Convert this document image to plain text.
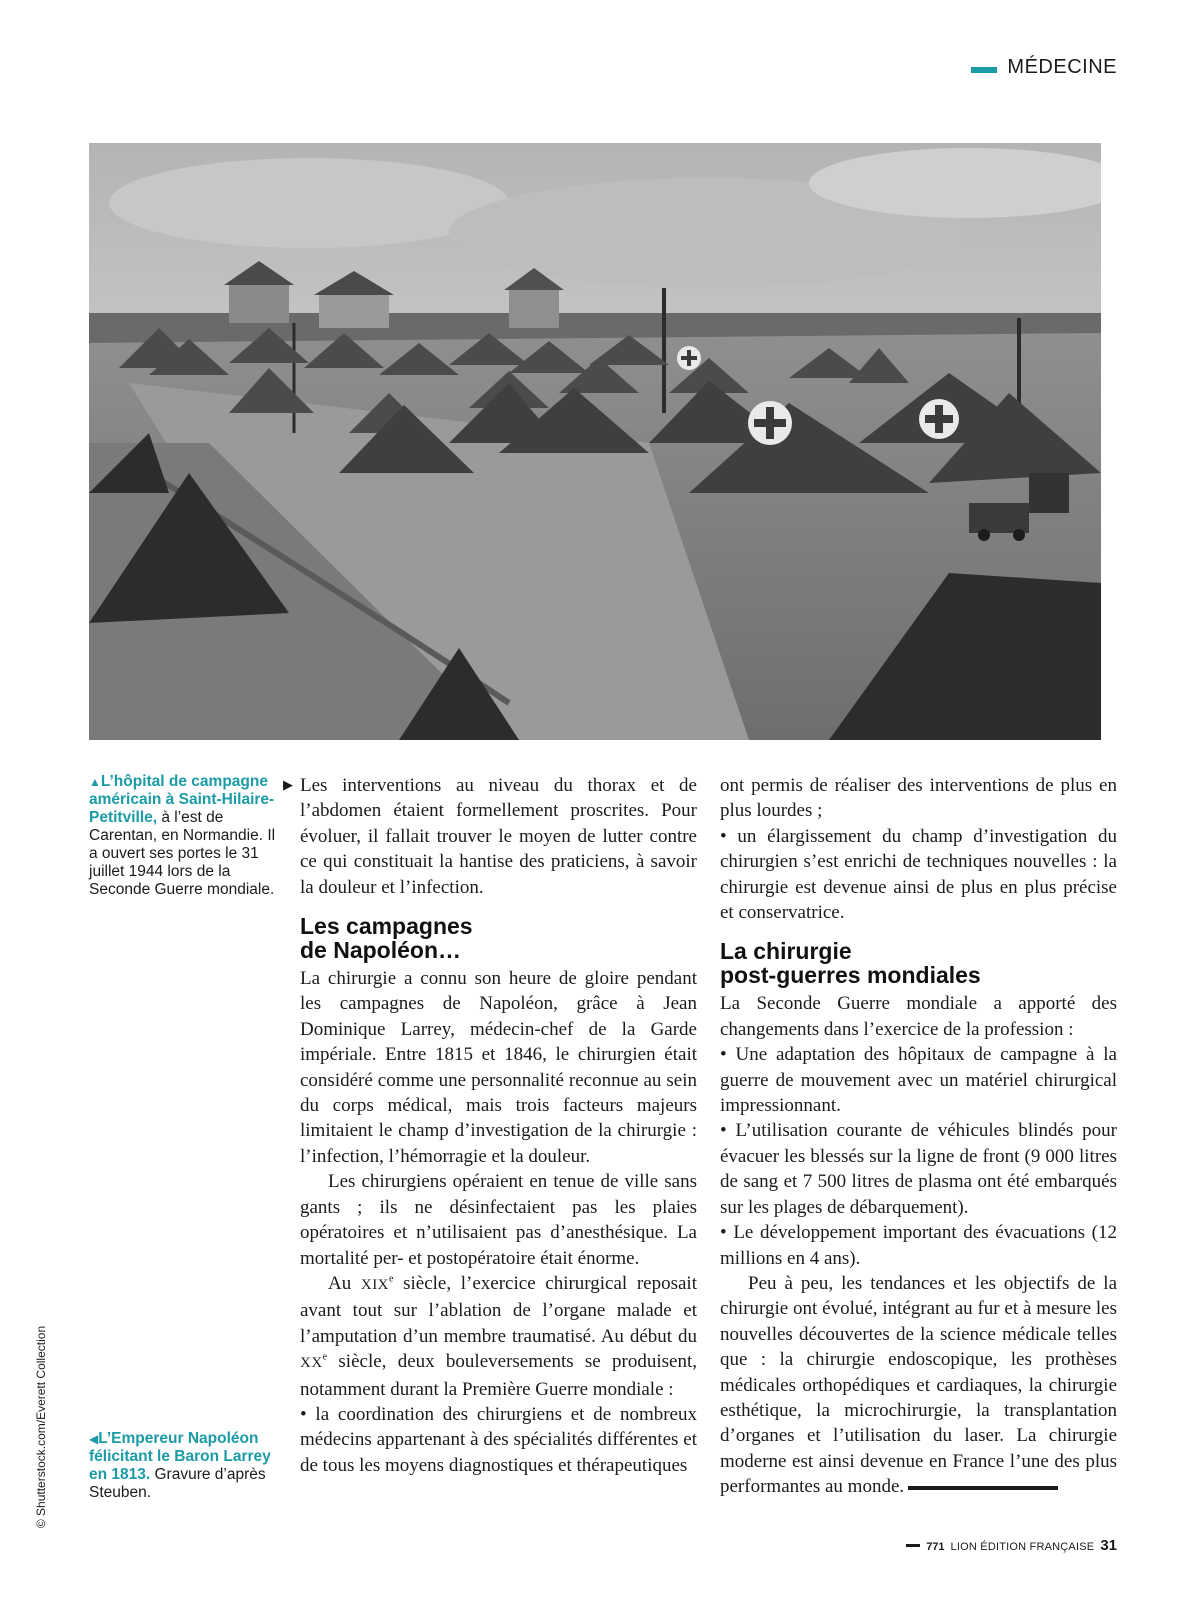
MÉDECINE
▲L’hôpital de campagne américain à Saint-Hilaire-Petitville, à l’est de Carentan, en Normandie. Il a ouvert ses portes le 31 juillet 1944 lors de la Seconde Guerre mondiale.
◀L’Empereur Napoléon félicitant le Baron Larrey en 1813. Gravure d’après Steuben.
© Shutterstock.com/Everett Collection
▶ Les interventions au niveau du thorax et de l’abdomen étaient formellement proscrites. Pour évoluer, il fallait trouver le moyen de lutter contre ce qui constituait la hantise des praticiens, à savoir la douleur et l’infection.

Les campagnes
de Napoléon…

La chirurgie a connu son heure de gloire pendant les campagnes de Napoléon, grâce à Jean Dominique Larrey, médecin-chef de la Garde impériale. Entre 1815 et 1846, le chirurgien était considéré comme une personnalité reconnue au sein du corps médical, mais trois facteurs majeurs limitaient le champ d’investigation de la chirurgie : l’infection, l’hémorragie et la douleur.

Les chirurgiens opéraient en tenue de ville sans gants ; ils ne désinfectaient pas les plaies opératoires et n’utilisaient pas d’anesthésique. La mortalité per- et postopératoire était énorme.

Au XIXe siècle, l’exercice chirurgical reposait avant tout sur l’ablation de l’organe malade et l’amputation d’un membre traumatisé. Au début du XXe siècle, deux bouleversements se produisent, notamment durant la Première Guerre mondiale :

• la coordination des chirurgiens et de nombreux médecins appartenant à des spécialités différentes et de tous les moyens diagnostiques et thérapeutiques

ont permis de réaliser des interventions de plus en plus lourdes ;

• un élargissement du champ d’investigation du chirurgien s’est enrichi de techniques nouvelles : la chirurgie est devenue ainsi de plus en plus précise et conservatrice.

La chirurgie
post-guerres mondiales

La Seconde Guerre mondiale a apporté des changements dans l’exercice de la profession :

• Une adaptation des hôpitaux de campagne à la guerre de mouvement avec un matériel chirurgical impressionnant.

• L’utilisation courante de véhicules blindés pour évacuer les blessés sur la ligne de front (9 000 litres de sang et 7 500 litres de plasma ont été embarqués sur les plages de débarquement).

• Le développement important des évacuations (12 millions en 4 ans).

Peu à peu, les tendances et les objectifs de la chirurgie ont évolué, intégrant au fur et à mesure les nouvelles découvertes de la science médicale telles que : la chirurgie endoscopique, les prothèses médicales orthopédiques et cardiaques, la chirurgie esthétique, la microchirurgie, la transplantation d’organes et l’utilisation du laser. La chirurgie moderne est ainsi devenue en France l’une des plus performantes au monde.

771 LION ÉDITION FRANÇAISE 31
